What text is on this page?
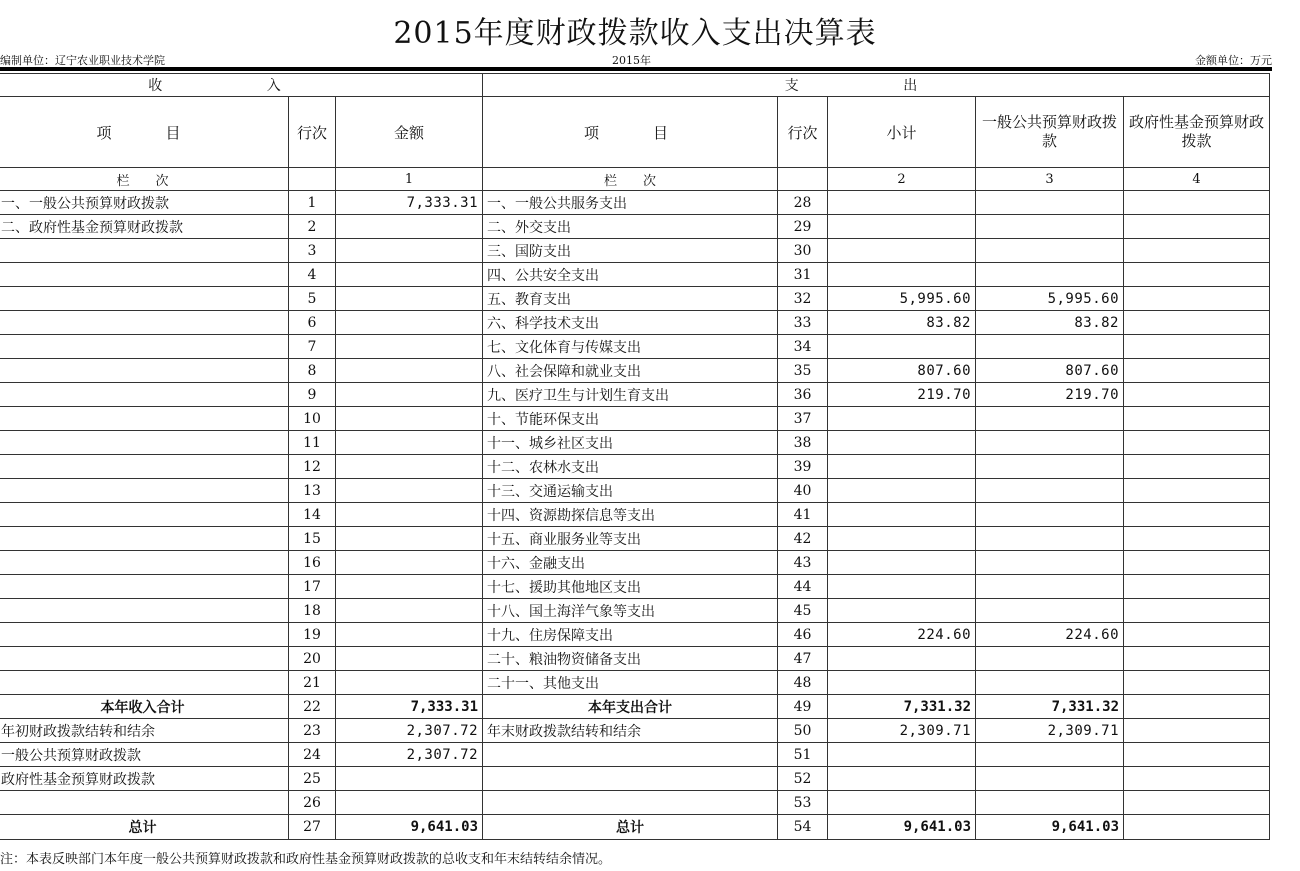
2015年度财政拨款收入支出决算表
编制单位：辽宁农业职业技术学院	2015年	金额单位：万元
收 入			支 出				
项　　目	行次	金额	项　　目	行次	小计	一般公共预算财政拨款	政府性基金预算财政拨款
栏　　次		1	栏　　次		2	3	4
一、一般公共预算财政拨款	1	7,333.31	一、一般公共服务支出	28			
二、政府性基金预算财政拨款	2		二、外交支出	29			
	3		三、国防支出	30			
	4		四、公共安全支出	31			
	5		五、教育支出	32	5,995.60	5,995.60	
	6		六、科学技术支出	33	83.82	83.82	
	7		七、文化体育与传媒支出	34			
	8		八、社会保障和就业支出	35	807.60	807.60	
	9		九、医疗卫生与计划生育支出	36	219.70	219.70	
	10		十、节能环保支出	37			
	11		十一、城乡社区支出	38			
	12		十二、农林水支出	39			
	13		十三、交通运输支出	40			
	14		十四、资源勘探信息等支出	41			
	15		十五、商业服务业等支出	42			
	16		十六、金融支出	43			
	17		十七、援助其他地区支出	44			
	18		十八、国土海洋气象等支出	45			
	19		十九、住房保障支出	46	224.60	224.60	
	20		二十、粮油物资储备支出	47			
	21		二十一、其他支出	48			
本年收入合计	22	7,333.31	本年支出合计	49	7,331.32	7,331.32	
年初财政拨款结转和结余	23	2,307.72	年末财政拨款结转和结余	50	2,309.71	2,309.71	
一般公共预算财政拨款	24	2,307.72		51			
政府性基金预算财政拨款	25			52			
	26			53			
总计	27	9,641.03	总计	54	9,641.03	9,641.03	
注：本表反映部门本年度一般公共预算财政拨款和政府性基金预算财政拨款的总收支和年末结转结余情况。
